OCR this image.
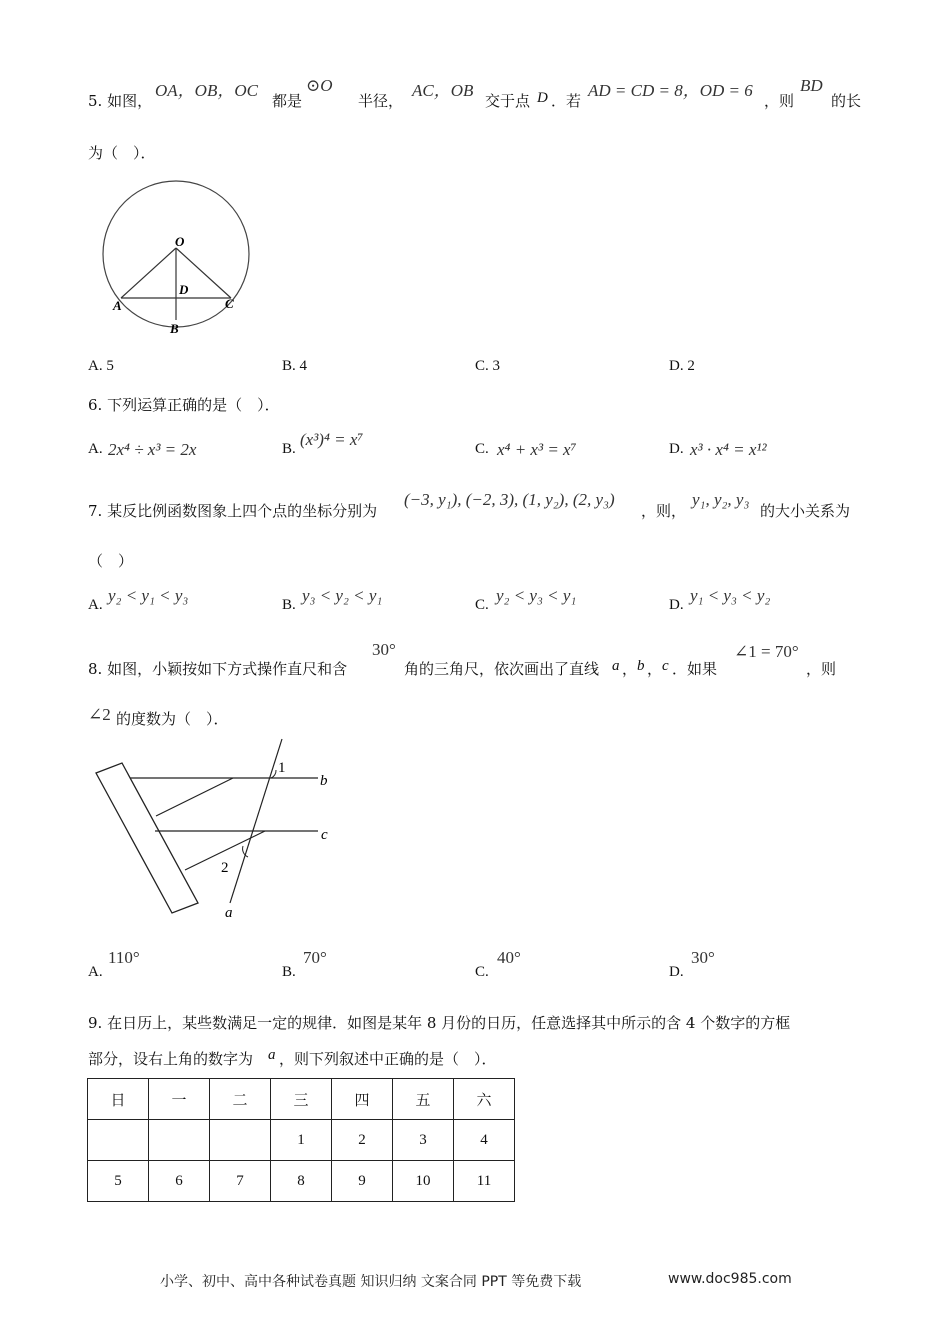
5. 如图，
OA，OB，OC
都是
⊙O
半径，
AC，OB
交于点 D ．若
AD = CD = 8，OD = 6
，则
BD
的长
为（　）．
O
D
A	C
B
A. 5	B. 4	C. 3	D. 2
6. 下列运算正确的是（　）．
A. 2x⁴ ÷ x³ = 2x	B. (x³)⁴ = x⁷	C. x⁴ + x³ = x⁷	D. x³ · x⁴ = x¹²
7. 某反比例函数图象上四个点的坐标分别为
(−3, y₁), (−2, 3), (1, y₂), (2, y₃)
，则，
y₁, y₂, y₃
的大小关系为
（　）
A. y₂ < y₁ < y₃	B. y₃ < y₂ < y₁	C. y₂ < y₃ < y₁	D. y₁ < y₃ < y₂
8. 如图，小颖按如下方式操作直尺和含
30°
角的三角尺，依次画出了直线 a ， b ， c ．如果
∠1 = 70°
，则
∠2 的度数为（　）．
1
2
b
c
a
A.
110°
B.
70°
C.
40°
D.
30°
9. 在日历上，某些数满足一定的规律．如图是某年 8 月份的日历，任意选择其中所示的含 4 个数字的方框
部分，设右上角的数字为 a ，则下列叙述中正确的是（　）．
日	一	二	三	四	五	六
			1	2	3	4
5	6	7	8	9	10	11
小学、初中、高中各种试卷真题 知识归纳 文案合同 PPT 等免费下载	www.doc985.com
